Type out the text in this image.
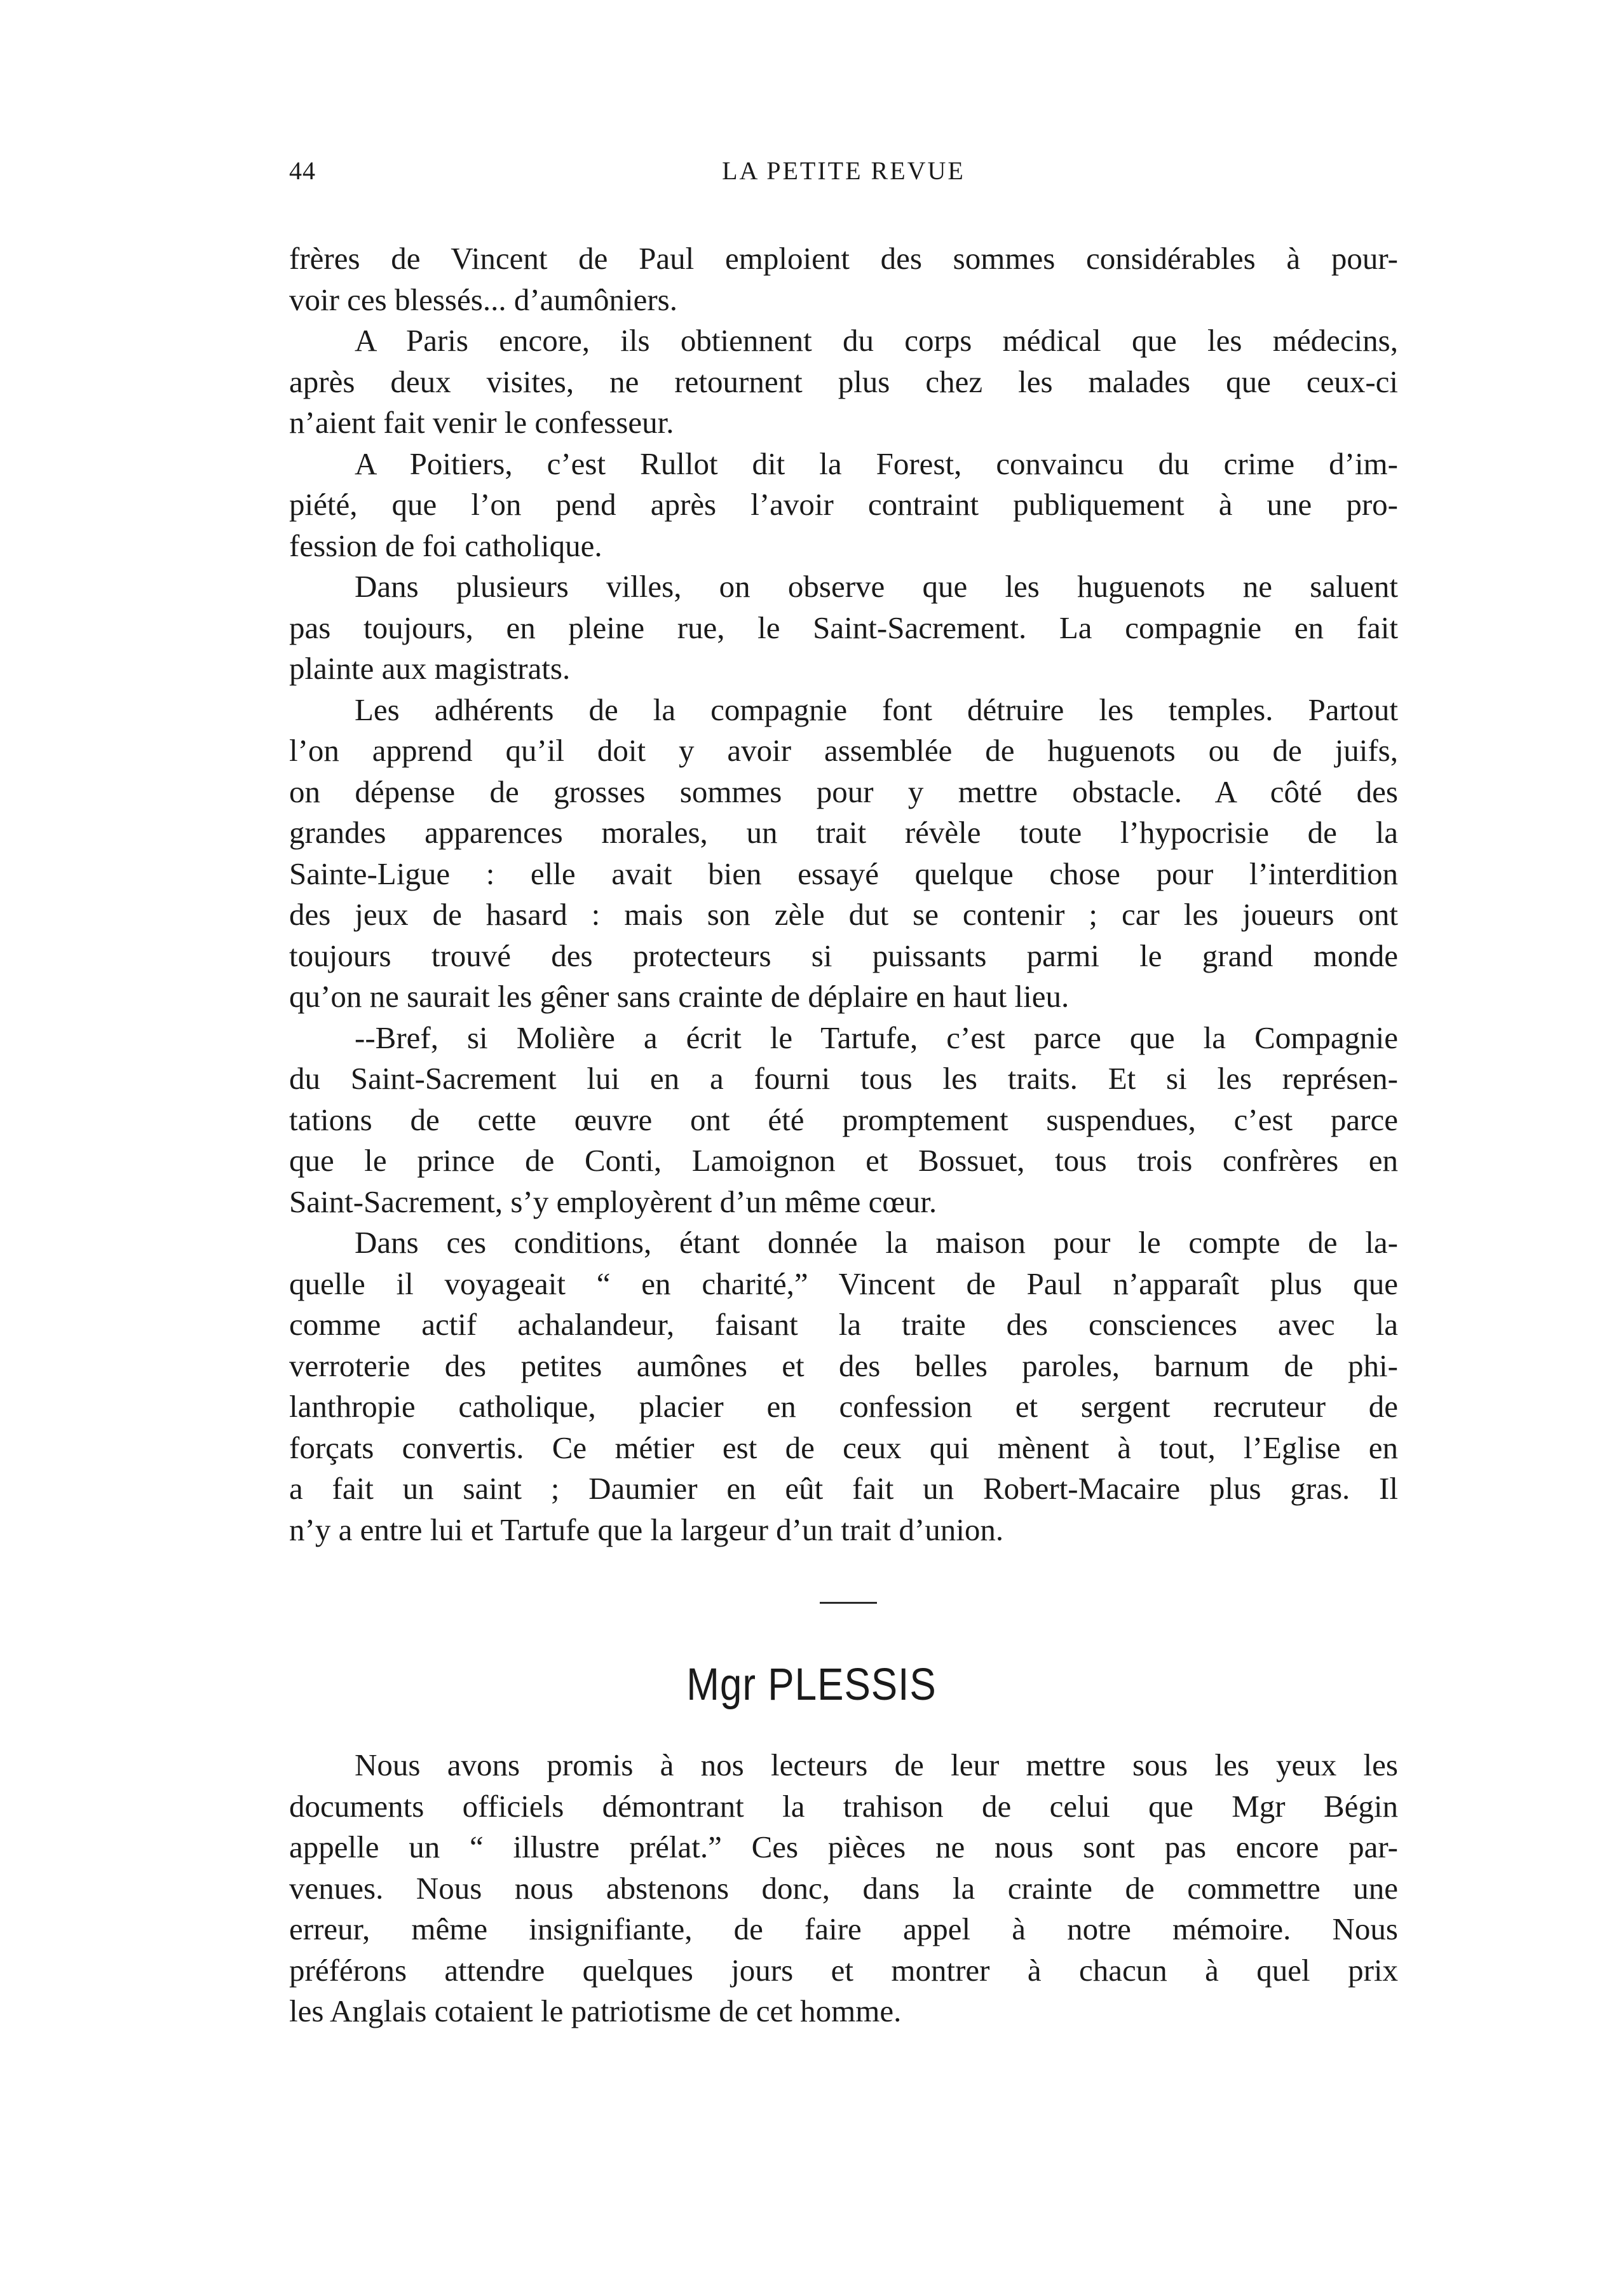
44	LA PETITE REVUE
frères de Vincent de Paul emploient des sommes considérables à pour-
voir ces blessés... d’aumôniers.
A Paris encore, ils obtiennent du corps médical que les médecins,
après deux visites, ne retournent plus chez les malades que ceux-ci
n’aient fait venir le confesseur.
A Poitiers, c’est Rullot dit la Forest, convaincu du crime d’im-
piété, que l’on pend après l’avoir contraint publiquement à une pro-
fession de foi catholique.
Dans plusieurs villes, on observe que les huguenots ne saluent
pas toujours, en pleine rue, le Saint-Sacrement. La compagnie en fait
plainte aux magistrats.
Les adhérents de la compagnie font détruire les temples. Partout
l’on apprend qu’il doit y avoir assemblée de huguenots ou de juifs,
on dépense de grosses sommes pour y mettre obstacle. A côté des
grandes apparences morales, un trait révèle toute l’hypocrisie de la
Sainte-Ligue : elle avait bien essayé quelque chose pour l’interdition
des jeux de hasard : mais son zèle dut se contenir ; car les joueurs ont
toujours trouvé des protecteurs si puissants parmi le grand monde
qu’on ne saurait les gêner sans crainte de déplaire en haut lieu.
--Bref, si Molière a écrit le Tartufe, c’est parce que la Compagnie
du Saint-Sacrement lui en a fourni tous les traits. Et si les représen-
tations de cette œuvre ont été promptement suspendues, c’est parce
que le prince de Conti, Lamoignon et Bossuet, tous trois confrères en
Saint-Sacrement, s’y employèrent d’un même cœur.
Dans ces conditions, étant donnée la maison pour le compte de la-
quelle il voyageait “ en charité,” Vincent de Paul n’apparaît plus que
comme actif achalandeur, faisant la traite des consciences avec la
verroterie des petites aumônes et des belles paroles, barnum de phi-
lanthropie catholique, placier en confession et sergent recruteur de
forçats convertis. Ce métier est de ceux qui mènent à tout, l’Eglise en
a fait un saint ; Daumier en eût fait un Robert-Macaire plus gras. Il
n’y a entre lui et Tartufe que la largeur d’un trait d’union.
Mgr PLESSIS
Nous avons promis à nos lecteurs de leur mettre sous les yeux les
documents officiels démontrant la trahison de celui que Mgr Bégin
appelle un “ illustre prélat.” Ces pièces ne nous sont pas encore par-
venues. Nous nous abstenons donc, dans la crainte de commettre une
erreur, même insignifiante, de faire appel à notre mémoire. Nous
préférons attendre quelques jours et montrer à chacun à quel prix
les Anglais cotaient le patriotisme de cet homme.
